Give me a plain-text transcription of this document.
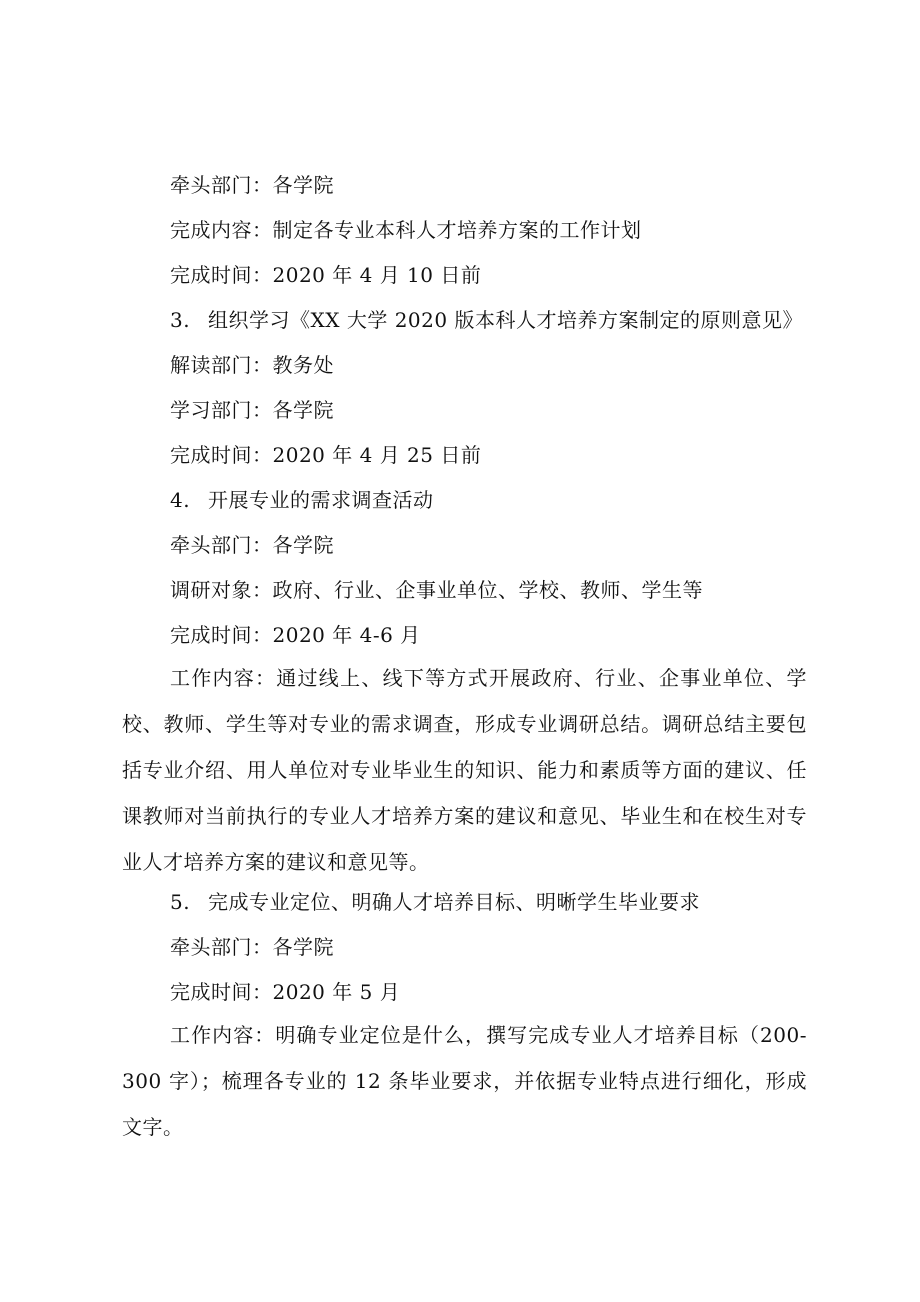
牵头部门：各学院
完成内容：制定各专业本科人才培养方案的工作计划
完成时间：2020 年 4 月 10 日前
3. 组织学习《XX 大学 2020 版本科人才培养方案制定的原则意见》
解读部门：教务处
学习部门：各学院
完成时间：2020 年 4 月 25 日前
4. 开展专业的需求调查活动
牵头部门：各学院
调研对象：政府、行业、企事业单位、学校、教师、学生等
完成时间：2020 年 4-6 月
工作内容：通过线上、线下等方式开展政府、行业、企事业单位、学校、教师、学生等对专业的需求调查，形成专业调研总结。调研总结主要包括专业介绍、用人单位对专业毕业生的知识、能力和素质等方面的建议、任课教师对当前执行的专业人才培养方案的建议和意见、毕业生和在校生对专业人才培养方案的建议和意见等。
5. 完成专业定位、明确人才培养目标、明晰学生毕业要求
牵头部门：各学院
完成时间：2020 年 5 月
工作内容：明确专业定位是什么，撰写完成专业人才培养目标（200-300 字）；梳理各专业的 12 条毕业要求，并依据专业特点进行细化，形成文字。
